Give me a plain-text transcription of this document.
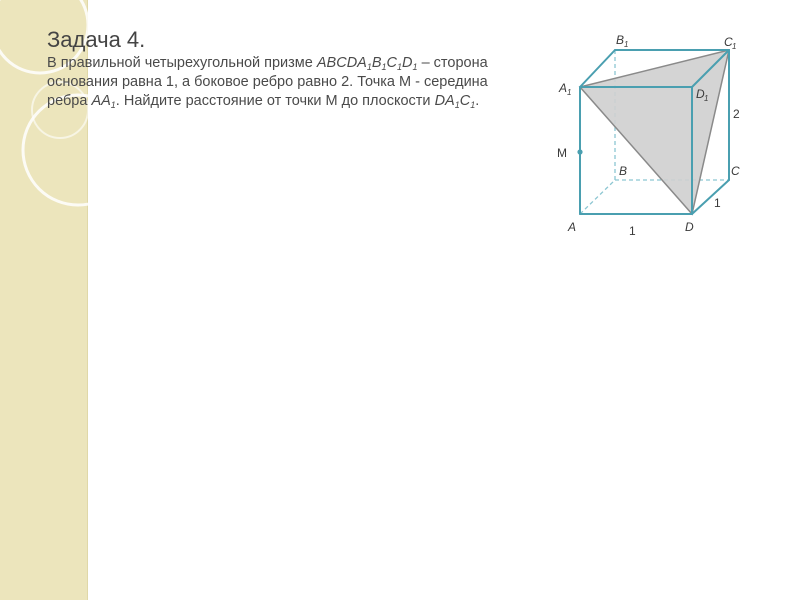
Задача 4.

В правильной четырехугольной призме $ABCDA_1B_1C_1D_1$ – сторона основания равна 1, а боковое ребро равно 2. Точка М - середина ребра $AA_1$. Найдите расстояние от точки М до плоскости $DA_1C_1$.

A
B	C
D
A 1
B 1	C 1
D 1
M
1
1
2
